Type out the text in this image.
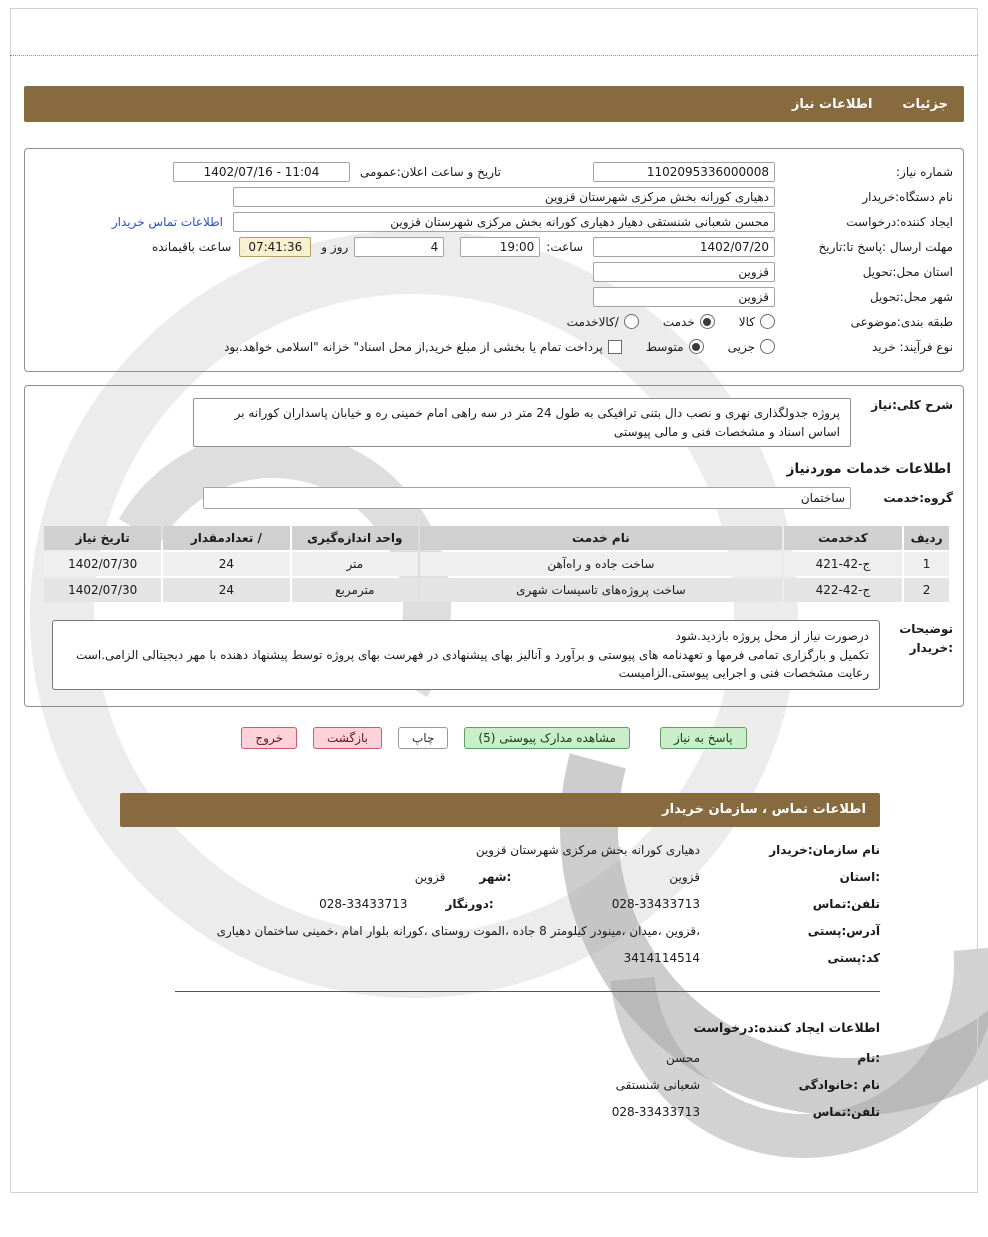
جزئیات
اطلاعات نیاز
شماره نیاز:
1102095336000008
تاریخ و ساعت اعلان:عمومی
1402/07/16 - 11:04
نام دستگاه:خریدار
دهیاری کورانه بخش مرکزی شهرستان قزوین
ایجاد کننده:درخواست
محسن شعبانی شنستقی دهیار دهیاری کورانه بخش مرکزی شهرستان قزوین
اطلاعات تماس خریدار
مهلت ارسال :پاسخ تا:تاریخ
1402/07/20
ساعت:
19:00
4
روز و
07:41:36
ساعت باقیمانده
استان محل:تحویل
قزوین
شهر محل:تحویل
قزوین
طبقه بندی:موضوعی
کالا
خدمت
/کالاخدمت
نوع فرآیند: خرید
جزیی
متوسط
پرداخت تمام یا بخشی از مبلغ خرید,از محل اسناد" خزانه "اسلامی خواهد.بود
شرح کلی:نیاز
پروژه جدولگذاری نهری و نصب دال بتنی ترافیکی به طول 24 متر در سه راهی امام خمینی ره و خیابان پاسداران کورانه بر اساس اسناد و مشخصات فنی و مالی پیوستی
اطلاعات خدمات موردنیاز
گروه:خدمت
ساختمان
ردیف	کدخدمت	نام خدمت	واحد اندازه‌گیری	/ تعدادمقدار	تاریخ نیاز
1	ج-42-421	ساخت جاده و راه‌آهن	متر	24	1402/07/30
2	ج-42-422	ساخت پروژه‌های تاسیسات شهری	مترمربع	24	1402/07/30
توضیحات
:خریدار
درصورت نیاز از محل پروژه بازدید.شود
تکمیل و بارگزاری تمامی فرمها و تعهدنامه های پیوستی و برآورد و آنالیز بهای پیشنهادی در فهرست بهای پروژه توسط پیشنهاد دهنده با مهر دیجیتالی الزامی.است
رعایت مشخصات فنی و اجرایی پیوستی.الزامیست
پاسخ به نیاز
مشاهده مدارک پیوستی (5)
چاپ
بازگشت
خروج
اطلاعات تماس ، سازمان خریدار
نام سازمان:خریدار
دهیاری کورانه بخش مرکزی شهرستان قزوین
:استان
قزوین
:شهر
قزوین
تلفن:تماس
028-33433713
:دورنگار
028-33433713
آدرس:پستی
،قزوین ،میدان ،مینودر کیلومتر 8 جاده ،الموت روستای ،کورانه بلوار امام ،خمینی ساختمان دهیاری
کد:پستی
3414114514
اطلاعات ایجاد کننده:درخواست
:نام
محسن
نام :خانوادگی
شعبانی شنستقی
تلفن:تماس
028-33433713
